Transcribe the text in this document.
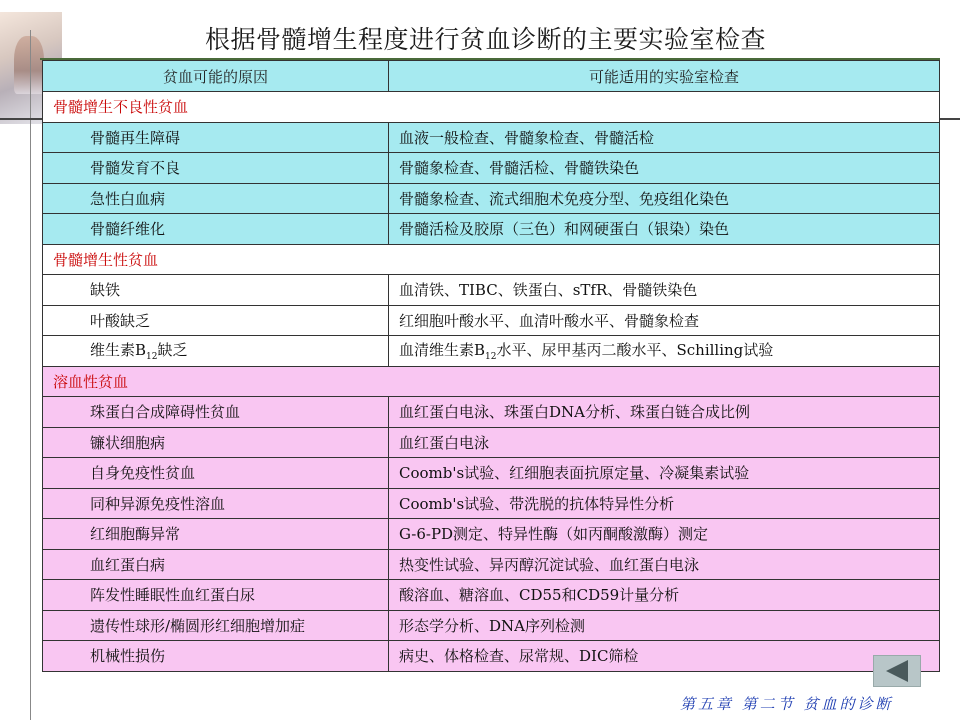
根据骨髓增生程度进行贫血诊断的主要实验室检查
贫血可能的原因	可能适用的实验室检查
骨髓增生不良性贫血	
骨髓再生障碍	血液一般检查、骨髓象检查、骨髓活检
骨髓发育不良	骨髓象检查、骨髓活检、骨髓铁染色
急性白血病	骨髓象检查、流式细胞术免疫分型、免疫组化染色
骨髓纤维化	骨髓活检及胶原（三色）和网硬蛋白（银染）染色
骨髓增生性贫血	
缺铁	血清铁、TIBC、铁蛋白、sTfR、骨髓铁染色
叶酸缺乏	红细胞叶酸水平、血清叶酸水平、骨髓象检查
维生素$B_{12}$缺乏	血清维生素$B_{12}$水平、尿甲基丙二酸水平、Schilling试验
溶血性贫血	
珠蛋白合成障碍性贫血	血红蛋白电泳、珠蛋白DNA分析、珠蛋白链合成比例
镰状细胞病	血红蛋白电泳
自身免疫性贫血	Coomb's试验、红细胞表面抗原定量、冷凝集素试验
同种异源免疫性溶血	Coomb's试验、带洗脱的抗体特异性分析
红细胞酶异常	G-6-PD测定、特异性酶（如丙酮酸激酶）测定
血红蛋白病	热变性试验、异丙醇沉淀试验、血红蛋白电泳
阵发性睡眠性血红蛋白尿	酸溶血、糖溶血、CD55和CD59计量分析
遗传性球形/椭圆形红细胞增加症	形态学分析、DNA序列检测
机械性损伤	病史、体格检查、尿常规、DIC筛检
第五章 第二节 贫血的诊断
